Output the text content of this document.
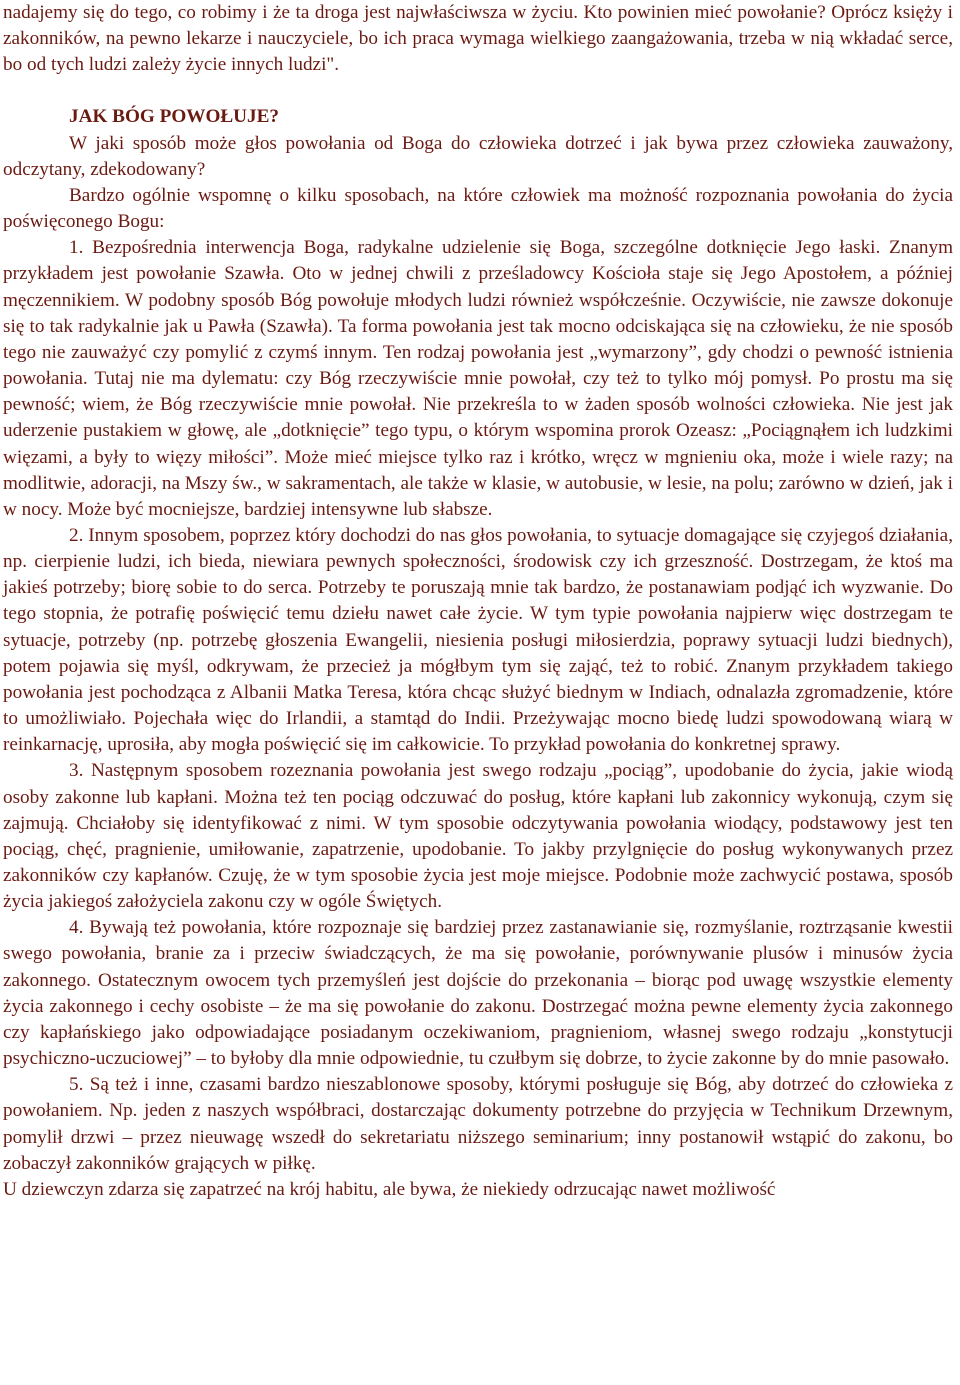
nadajemy się do tego, co robimy i że ta droga jest najwłaściwsza w życiu. Kto powinien mieć powołanie? Oprócz księży i zakonników, na pewno lekarze i nauczyciele, bo ich praca wymaga wielkiego zaangażowania, trzeba w nią wkładać serce, bo od tych ludzi zależy życie innych ludzi".

JAK BÓG POWOŁUJE?

W jaki sposób może głos powołania od Boga do człowieka dotrzeć i jak bywa przez człowieka zauważony, odczytany, zdekodowany?

Bardzo ogólnie wspomnę o kilku sposobach, na które człowiek ma możność rozpoznania powołania do życia poświęconego Bogu:

1. Bezpośrednia interwencja Boga, radykalne udzielenie się Boga, szczególne dotknięcie Jego łaski. Znanym przykładem jest powołanie Szawła. Oto w jednej chwili z prześladowcy Kościoła staje się Jego Apostołem, a później męczennikiem. W podobny sposób Bóg powołuje młodych ludzi również współcześnie. Oczywiście, nie zawsze dokonuje się to tak radykalnie jak u Pawła (Szawła). Ta forma powołania jest tak mocno odciskająca się na człowieku, że nie sposób tego nie zauważyć czy pomylić z czymś innym. Ten rodzaj powołania jest „wymarzony”, gdy chodzi o pewność istnienia powołania. Tutaj nie ma dylematu: czy Bóg rzeczywiście mnie powołał, czy też to tylko mój pomysł. Po prostu ma się pewność; wiem, że Bóg rzeczywiście mnie powołał. Nie przekreśla to w żaden sposób wolności człowieka. Nie jest jak uderzenie pustakiem w głowę, ale „dotknięcie” tego typu, o którym wspomina prorok Ozeasz: „Pociągnąłem ich ludzkimi więzami, a były to więzy miłości”. Może mieć miejsce tylko raz i krótko, wręcz w mgnieniu oka, może i wiele razy; na modlitwie, adoracji, na Mszy św., w sakramentach, ale także w klasie, w autobusie, w lesie, na polu; zarówno w dzień, jak i w nocy. Może być mocniejsze, bardziej intensywne lub słabsze.

2. Innym sposobem, poprzez który dochodzi do nas głos powołania, to sytuacje domagające się czyjegoś działania, np. cierpienie ludzi, ich bieda, niewiara pewnych społeczności, środowisk czy ich grzeszność. Dostrzegam, że ktoś ma jakieś potrzeby; biorę sobie to do serca. Potrzeby te poruszają mnie tak bardzo, że postanawiam podjąć ich wyzwanie. Do tego stopnia, że potrafię poświęcić temu dziełu nawet całe życie. W tym typie powołania najpierw więc dostrzegam te sytuacje, potrzeby (np. potrzebę głoszenia Ewangelii, niesienia posługi miłosierdzia, poprawy sytuacji ludzi biednych), potem pojawia się myśl, odkrywam, że przecież ja mógłbym tym się zająć, też to robić. Znanym przykładem takiego powołania jest pochodząca z Albanii Matka Teresa, która chcąc służyć biednym w Indiach, odnalazła zgromadzenie, które to umożliwiało. Pojechała więc do Irlandii, a stamtąd do Indii. Przeżywając mocno biedę ludzi spowodowaną wiarą w reinkarnację, uprosiła, aby mogła poświęcić się im całkowicie. To przykład powołania do konkretnej sprawy.

3. Następnym sposobem rozeznania powołania jest swego rodzaju „pociąg”, upodobanie do życia, jakie wiodą osoby zakonne lub kapłani. Można też ten pociąg odczuwać do posług, które kapłani lub zakonnicy wykonują, czym się zajmują. Chciałoby się identyfikować z nimi. W tym sposobie odczytywania powołania wiodący, podstawowy jest ten pociąg, chęć, pragnienie, umiłowanie, zapatrzenie, upodobanie. To jakby przylgnięcie do posług wykonywanych przez zakonników czy kapłanów. Czuję, że w tym sposobie życia jest moje miejsce. Podobnie może zachwycić postawa, sposób życia jakiegoś założyciela zakonu czy w ogóle Świętych.

4. Bywają też powołania, które rozpoznaje się bardziej przez zastanawianie się, rozmyślanie, roztrząsanie kwestii swego powołania, branie za i przeciw świadczących, że ma się powołanie, porównywanie plusów i minusów życia zakonnego. Ostatecznym owocem tych przemyśleń jest dojście do przekonania – biorąc pod uwagę wszystkie elementy życia zakonnego i cechy osobiste – że ma się powołanie do zakonu. Dostrzegać można pewne elementy życia zakonnego czy kapłańskiego jako odpowiadające posiadanym oczekiwaniom, pragnieniom, własnej swego rodzaju „konstytucji psychiczno-uczuciowej” – to byłoby dla mnie odpowiednie, tu czułbym się dobrze, to życie zakonne by do mnie pasowało.

5. Są też i inne, czasami bardzo nieszablonowe sposoby, którymi posługuje się Bóg, aby dotrzeć do człowieka z powołaniem. Np. jeden z naszych współbraci, dostarczając dokumenty potrzebne do przyjęcia w Technikum Drzewnym, pomylił drzwi – przez nieuwagę wszedł do sekretariatu niższego seminarium; inny postanowił wstąpić do zakonu, bo zobaczył zakonników grających w piłkę.

U dziewczyn zdarza się zapatrzeć na krój habitu, ale bywa, że niekiedy odrzucając nawet możliwość
